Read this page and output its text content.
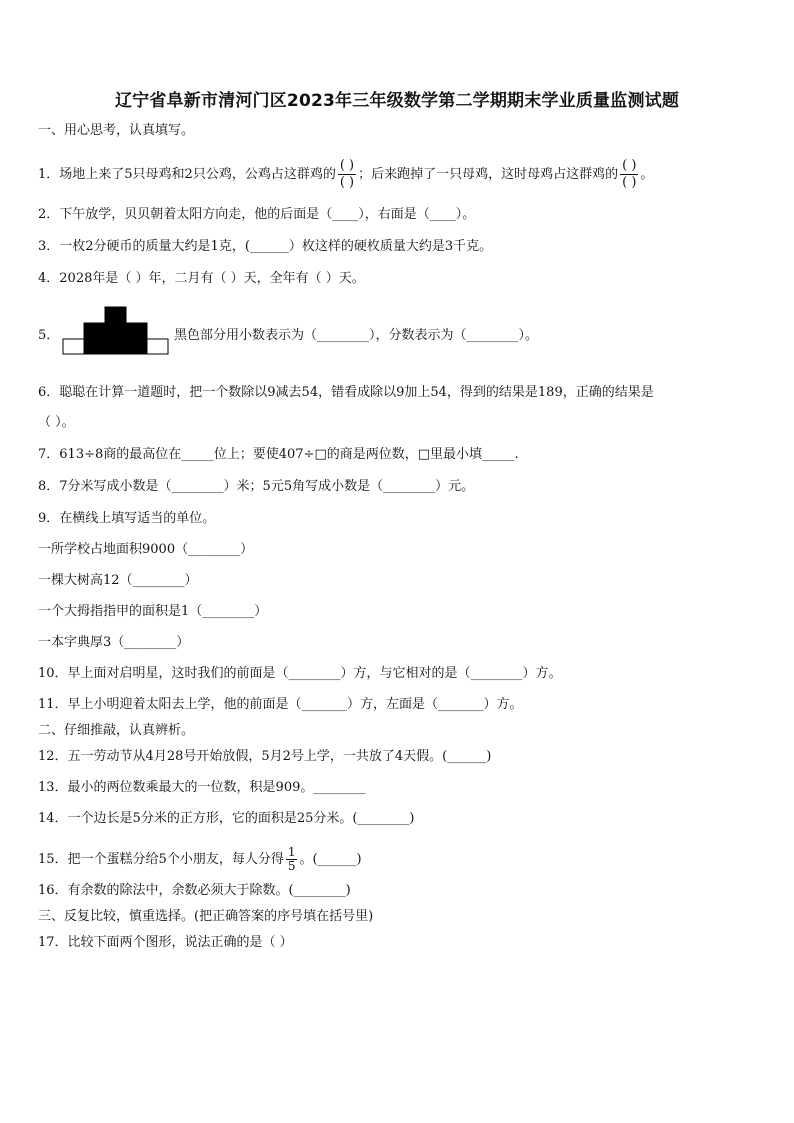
辽宁省阜新市清河门区2023年三年级数学第二学期期末学业质量监测试题
一、用心思考，认真填写。
1．场地上来了5只母鸡和2只公鸡，公鸡占这群鸡的 $\frac{( )}{( )}$ ；后来跑掉了一只母鸡，这时母鸡占这群鸡的 $\frac{( )}{( )}$ 。
2．下午放学，贝贝朝着太阳方向走，他的后面是（____），右面是（____）。
3．一枚2分硬币的质量大约是1克，(______）枚这样的硬枚质量大约是3千克。
4．2028年是（ ）年，二月有（ ）天，全年有（ ）天。
5．	黑色部分用小数表示为（________），分数表示为（________）。
6．聪聪在计算一道题时，把一个数除以9减去54，错看成除以9加上54，得到的结果是189，正确的结果是
（ ）。
7．613÷8商的最高位在_____位上；要使407÷□的商是两位数，□里最小填_____.
8．7分米写成小数是（________）米；5元5角写成小数是（________）元。
9．在横线上填写适当的单位。
一所学校占地面积9000（________）
一棵大树高12（________）
一个大拇指指甲的面积是1（________）
一本字典厚3（________）
10．早上面对启明星，这时我们的前面是（________）方，与它相对的是（________）方。
11．早上小明迎着太阳去上学，他的前面是（_______）方，左面是（_______）方。
二、仔细推敲，认真辨析。
12．五一劳动节从4月28号开始放假，5月2号上学，一共放了4天假。(______)
13．最小的两位数乘最大的一位数，积是909。________
14．一个边长是5分米的正方形，它的面积是25分米。(________)
15．把一个蛋糕分给5个小朋友，每人分得 $\frac{1}{5}$ 。(______)
16．有余数的除法中，余数必须大于除数。(________)
三、反复比较，慎重选择。(把正确答案的序号填在括号里)
17．比较下面两个图形，说法正确的是（ ）
